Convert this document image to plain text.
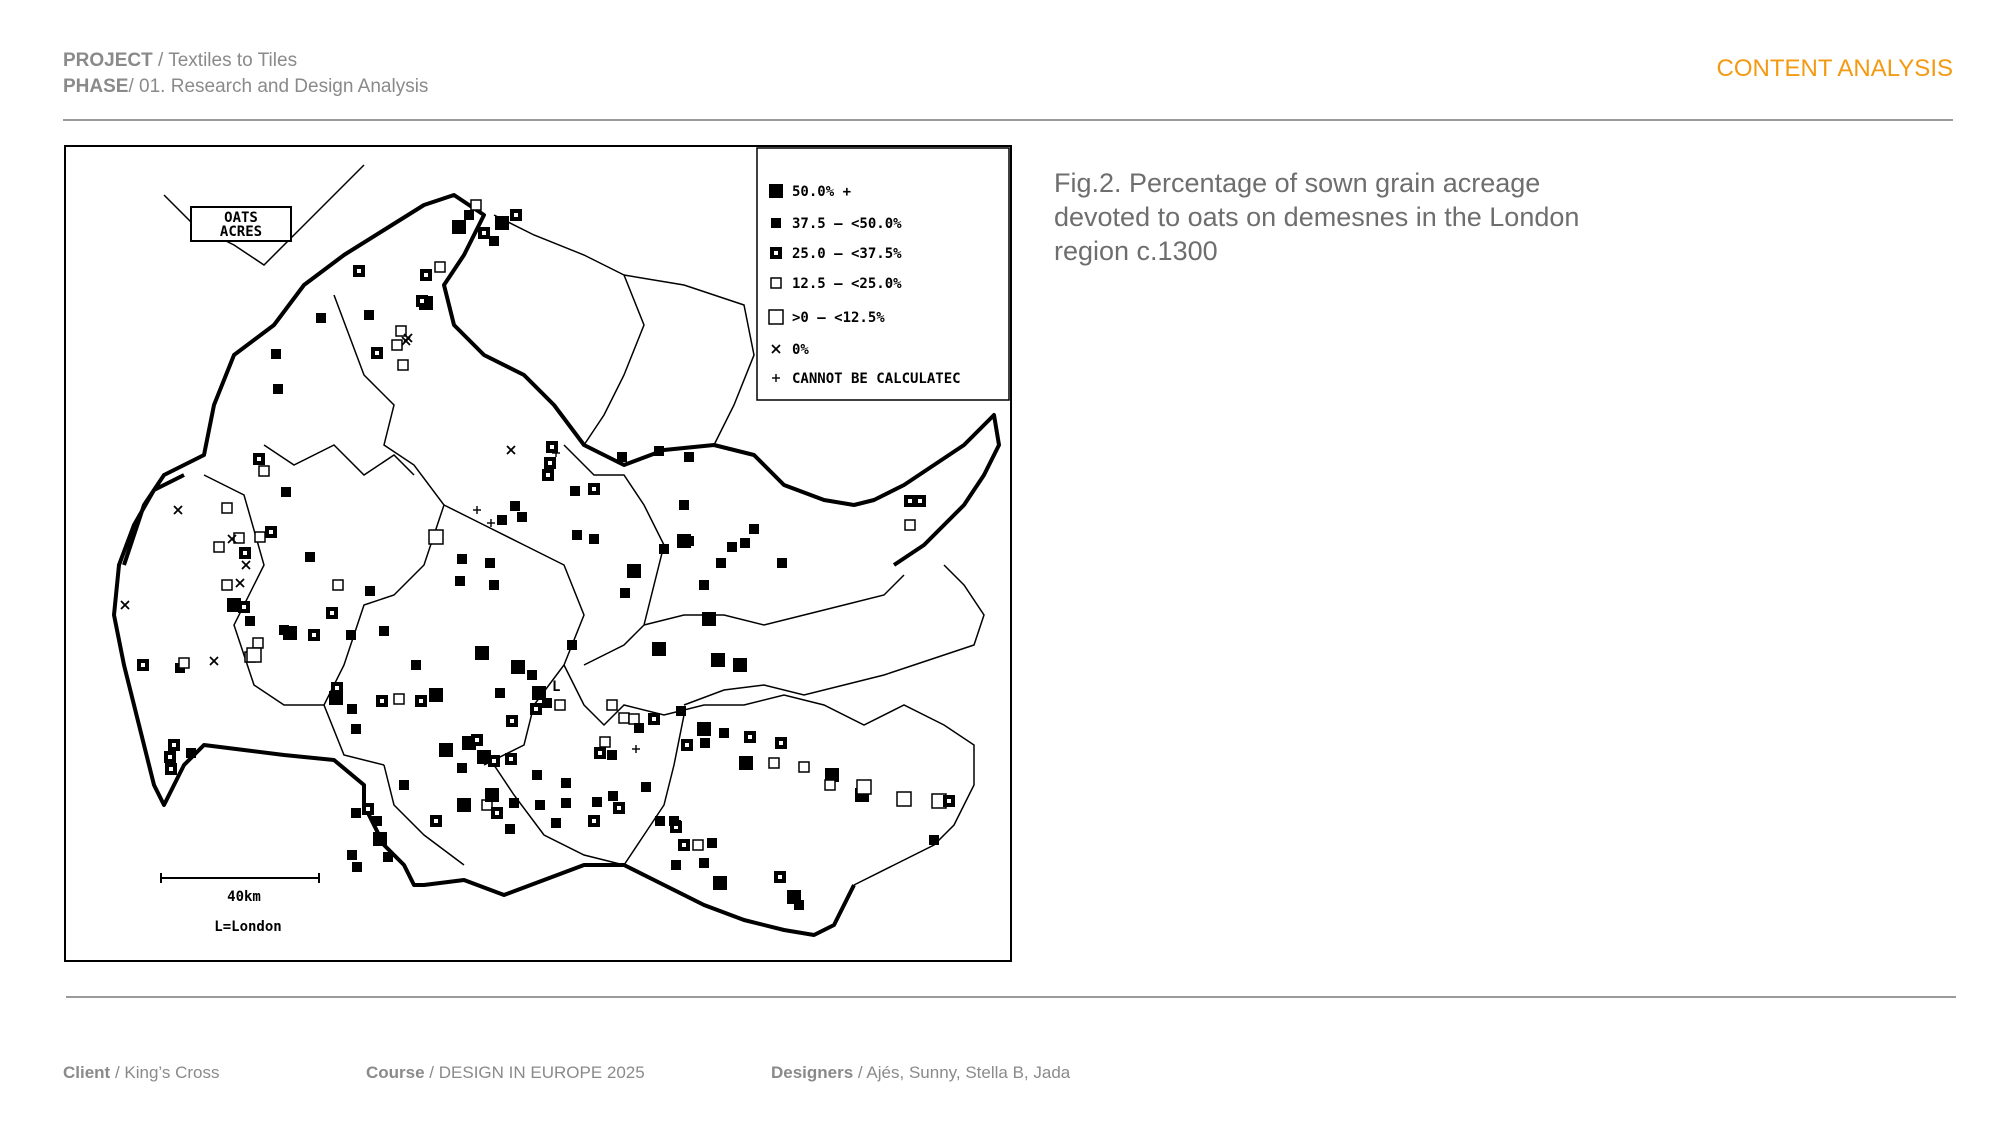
PROJECT / Textiles to Tiles
PHASE/ 01. Research and Design Analysis
CONTENT ANALYSIS
OATS
ACRES
50.0% +
37.5 – <50.0%
25.0 – <37.5%
12.5 – <25.0%
>0 – <12.5%
0%
CANNOT BE CALCULATEC
40km
L=London
L
Fig.2. Percentage of sown grain acreage devoted to oats on demesnes in the London region c.1300
Client / King’s Cross	Course / DESIGN IN EUROPE 2025	Designers / Ajés, Sunny, Stella B, Jada
